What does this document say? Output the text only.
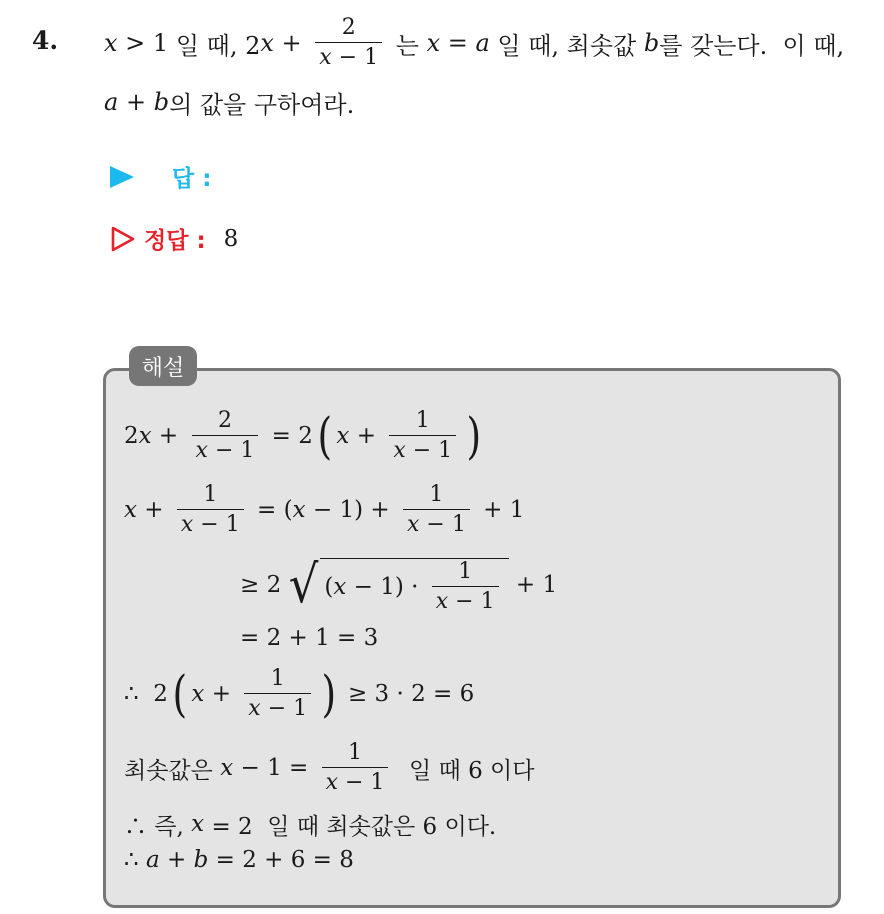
4. x > 1 일 때, 2 $x + \frac{2}{x - 1}$ 는 x = a 일 때, 최솟값 b 를 갖는다.  이 때,
a + b 의 값을 구하여라.
답 :
정답 : 8
해설
2 $x + \frac{2}{x - 1} = 2$ ( $x + \frac{1}{x - 1}$ )
$x + \frac{1}{x - 1}$ = ( $x - 1) + \frac{1}{x - 1} + 1$
≥ 2 √ ( $x - 1) \cdot \frac{1}{x - 1} + 1$
= 2 + 1 = 3
∴  2 ( $x + \frac{1}{x - 1}$ ) ≥ 3 · 2 = 6
최솟값은 $x - 1 = \frac{1}{x - 1}$ 일 때 6 이다
∴ 즉, x = 2  일 때 최솟값은 6 이다.
∴ a + b = 2 + 6 = 8
